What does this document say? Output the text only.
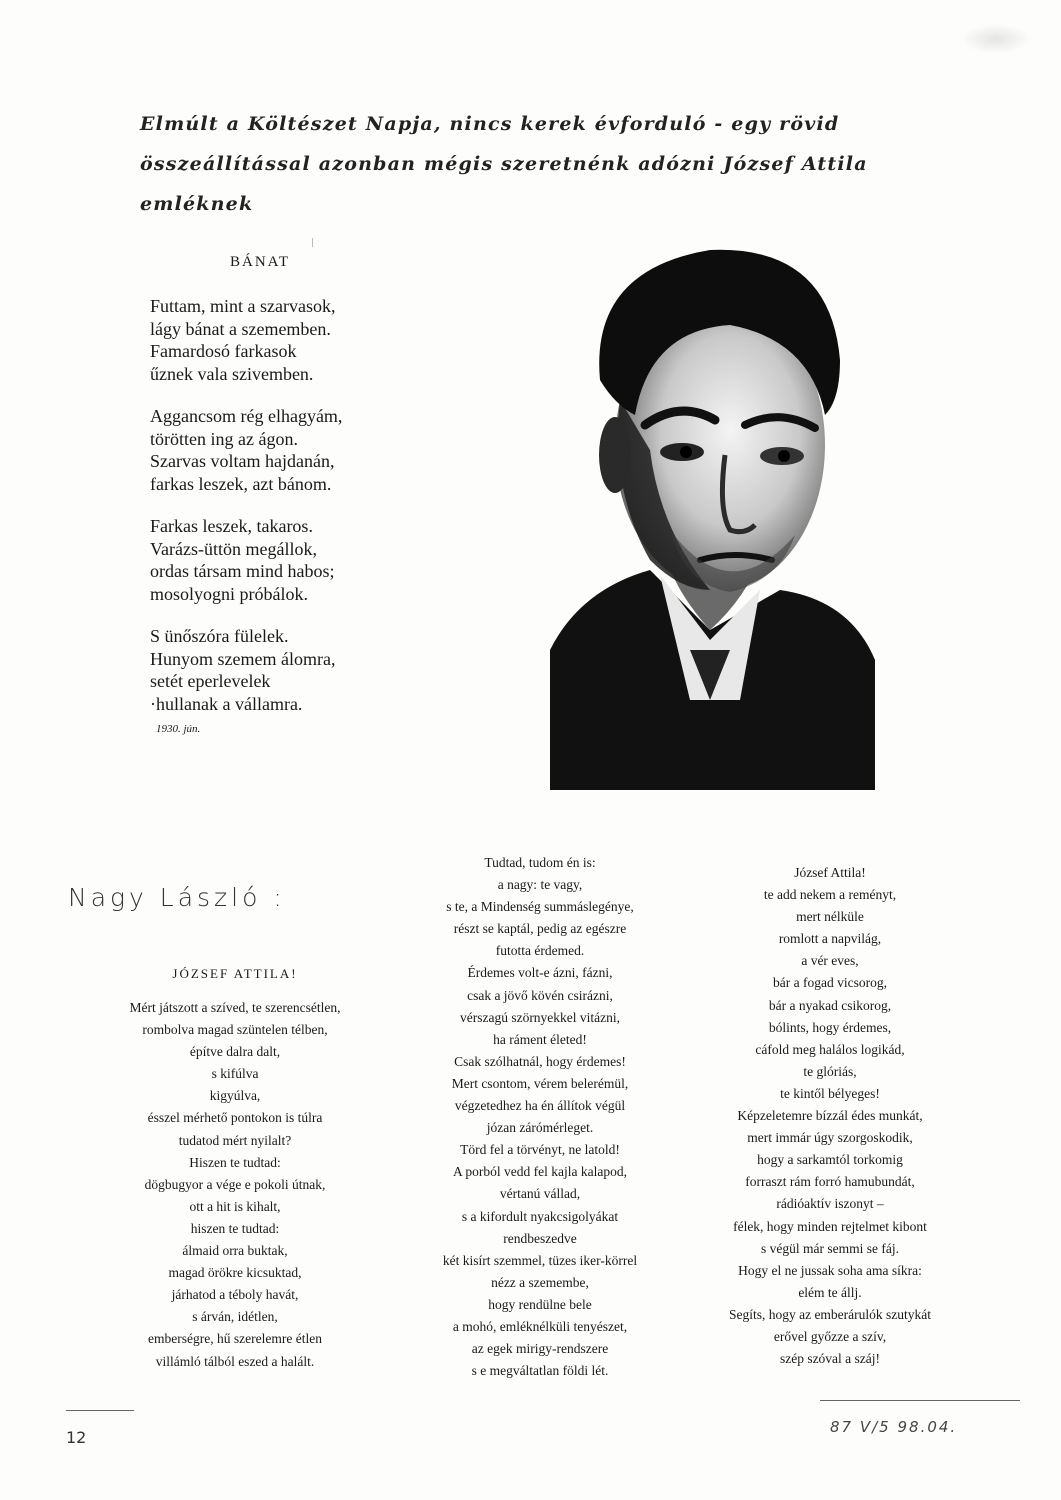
Elmúlt a Költészet Napja, nincs kerek évforduló - egy rövid összeállítással azonban mégis szeretnénk adózni József Attila emléknek
BÁNAT
Futtam, mint a szarvasok,
lágy bánat a szememben.
Famardosó farkasok
űznek vala szivemben.
Aggancsom rég elhagyám,
törötten ing az ágon.
Szarvas voltam hajdanán,
farkas leszek, azt bánom.
Farkas leszek, takaros.
Varázs-üttön megállok,
ordas társam mind habos;
mosolyogni próbálok.
S ünőszóra fülelek.
Hunyom szemem álomra,
setét eperlevelek
·hullanak a vállamra.
1930. jún.
Nagy László :
JÓZSEF ATTILA!
Mért játszott a szíved, te szerencsétlen,
rombolva magad szüntelen télben,
építve dalra dalt,
s kifúlva
kigyúlva,
ésszel mérhető pontokon is túlra
tudatod mért nyilalt?
Hiszen te tudtad:
dögbugyor a vége e pokoli útnak,
ott a hit is kihalt,
hiszen te tudtad:
álmaid orra buktak,
magad örökre kicsuktad,
járhatod a téboly havát,
s árván, idétlen,
emberségre, hű szerelemre étlen
villámló tálból eszed a halált.
Tudtad, tudom én is:
a nagy: te vagy,
s te, a Mindenség summáslegénye,
részt se kaptál, pedig az egészre
futotta érdemed.
Érdemes volt-e ázni, fázni,
csak a jövő kövén csirázni,
vérszagú szörnyekkel vitázni,
ha ráment életed!
Csak szólhatnál, hogy érdemes!
Mert csontom, vérem belerémül,
végzetedhez ha én állítok végül
józan zárómérleget.
Törd fel a törvényt, ne latold!
A porból vedd fel kajla kalapod,
vértanú vállad,
s a kifordult nyakcsigolyákat
rendbeszedve
két kisírt szemmel, tüzes iker-körrel
nézz a szemembe,
hogy rendülne bele
a mohó, emléknélküli tenyészet,
az egek mirigy-rendszere
s e megváltatlan földi lét.
József Attila!
te add nekem a reményt,
mert nélküle
romlott a napvilág,
a vér eves,
bár a fogad vicsorog,
bár a nyakad csikorog,
bólints, hogy érdemes,
cáfold meg halálos logikád,
te glóriás,
te kintől bélyeges!
Képzeletemre bízzál édes munkát,
mert immár úgy szorgoskodik,
hogy a sarkamtól torkomig
forraszt rám forró hamubundát,
rádióaktív iszonyt –
félek, hogy minden rejtelmet kibont
s végül már semmi se fáj.
Hogy el ne jussak soha ama síkra:
elém te állj.
Segíts, hogy az emberárulók szutykát
erővel győzze a szív,
szép szóval a száj!
12
87 V/5 98.04.
